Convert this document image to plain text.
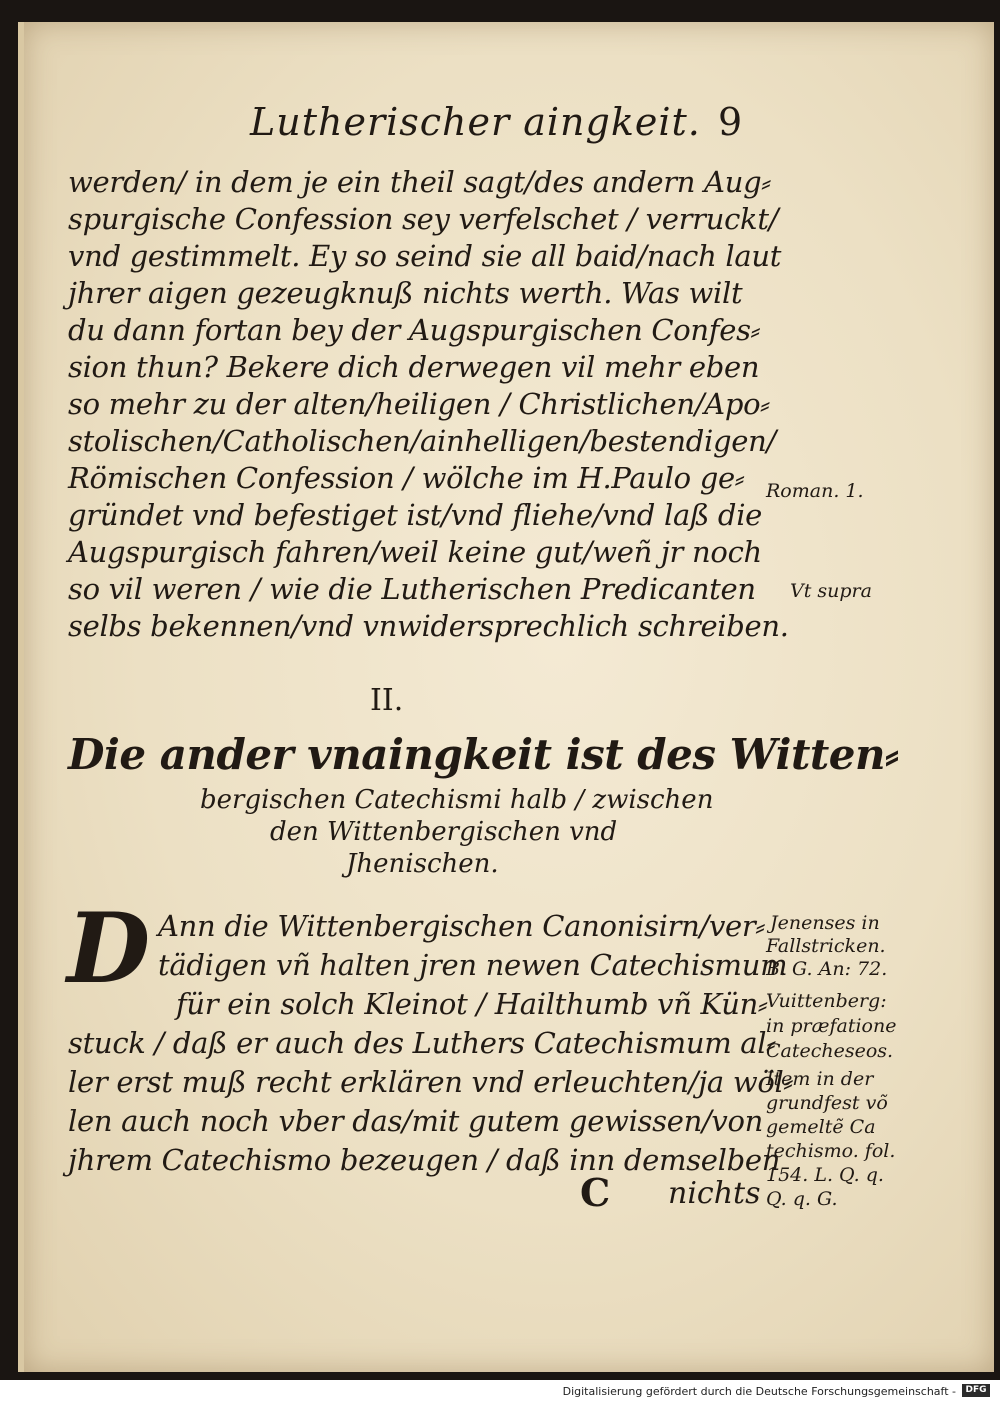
Lutherischer aingkeit. 9
werden/ in dem je ein theil sagt/des andern Aug⸗
spurgische Confession sey verfelschet / verruckt/
vnd gestimmelt. Ey so seind sie all baid/nach laut
jhrer aigen gezeugknuß nichts werth. Was wilt
du dann fortan bey der Augspurgischen Confes⸗
sion thun? Bekere dich derwegen vil mehr eben
so mehr zu der alten/heiligen / Christlichen/Apo⸗
stolischen/Catholischen/ainhelligen/bestendigen/
Römischen Confession / wölche im H.Paulo ge⸗
gründet vnd befestiget ist/vnd fliehe/vnd laß die
Augspurgisch fahren/weil keine gut/weñ jr noch
so vil weren / wie die Lutherischen Predicanten
selbs bekennen/vnd vnwidersprechlich schreiben.
Roman. 1.
Vt supra
II.
Die ander vnaingkeit ist des Witten⸗
bergischen Catechismi halb / zwischen
den Wittenbergischen vnd
Jhenischen.
D Ann die Wittenbergischen Canonisirn/ver⸗
tädigen vñ halten jren newen Catechismum
für ein solch Kleinot / Hailthumb vñ Kün⸗
stuck / daß er auch des Luthers Catechismum al⸗
ler erst muß recht erklären vnd erleuchten/ja wöl⸗
len auch noch vber das/mit gutem gewissen/von
jhrem Catechismo bezeugen / daß inn demselben
Jenenses in
Fallstricken.
B. G. An: 72.
Vuittenberg:
in præfatione
Catecheseos.
Item in der
grundfest võ
gemeltẽ Ca
techismo. fol.
154. L. Q. q.
Q. q. G.
C nichts
Digitalisierung gefördert durch die Deutsche Forschungsgemeinschaft -	DFG
